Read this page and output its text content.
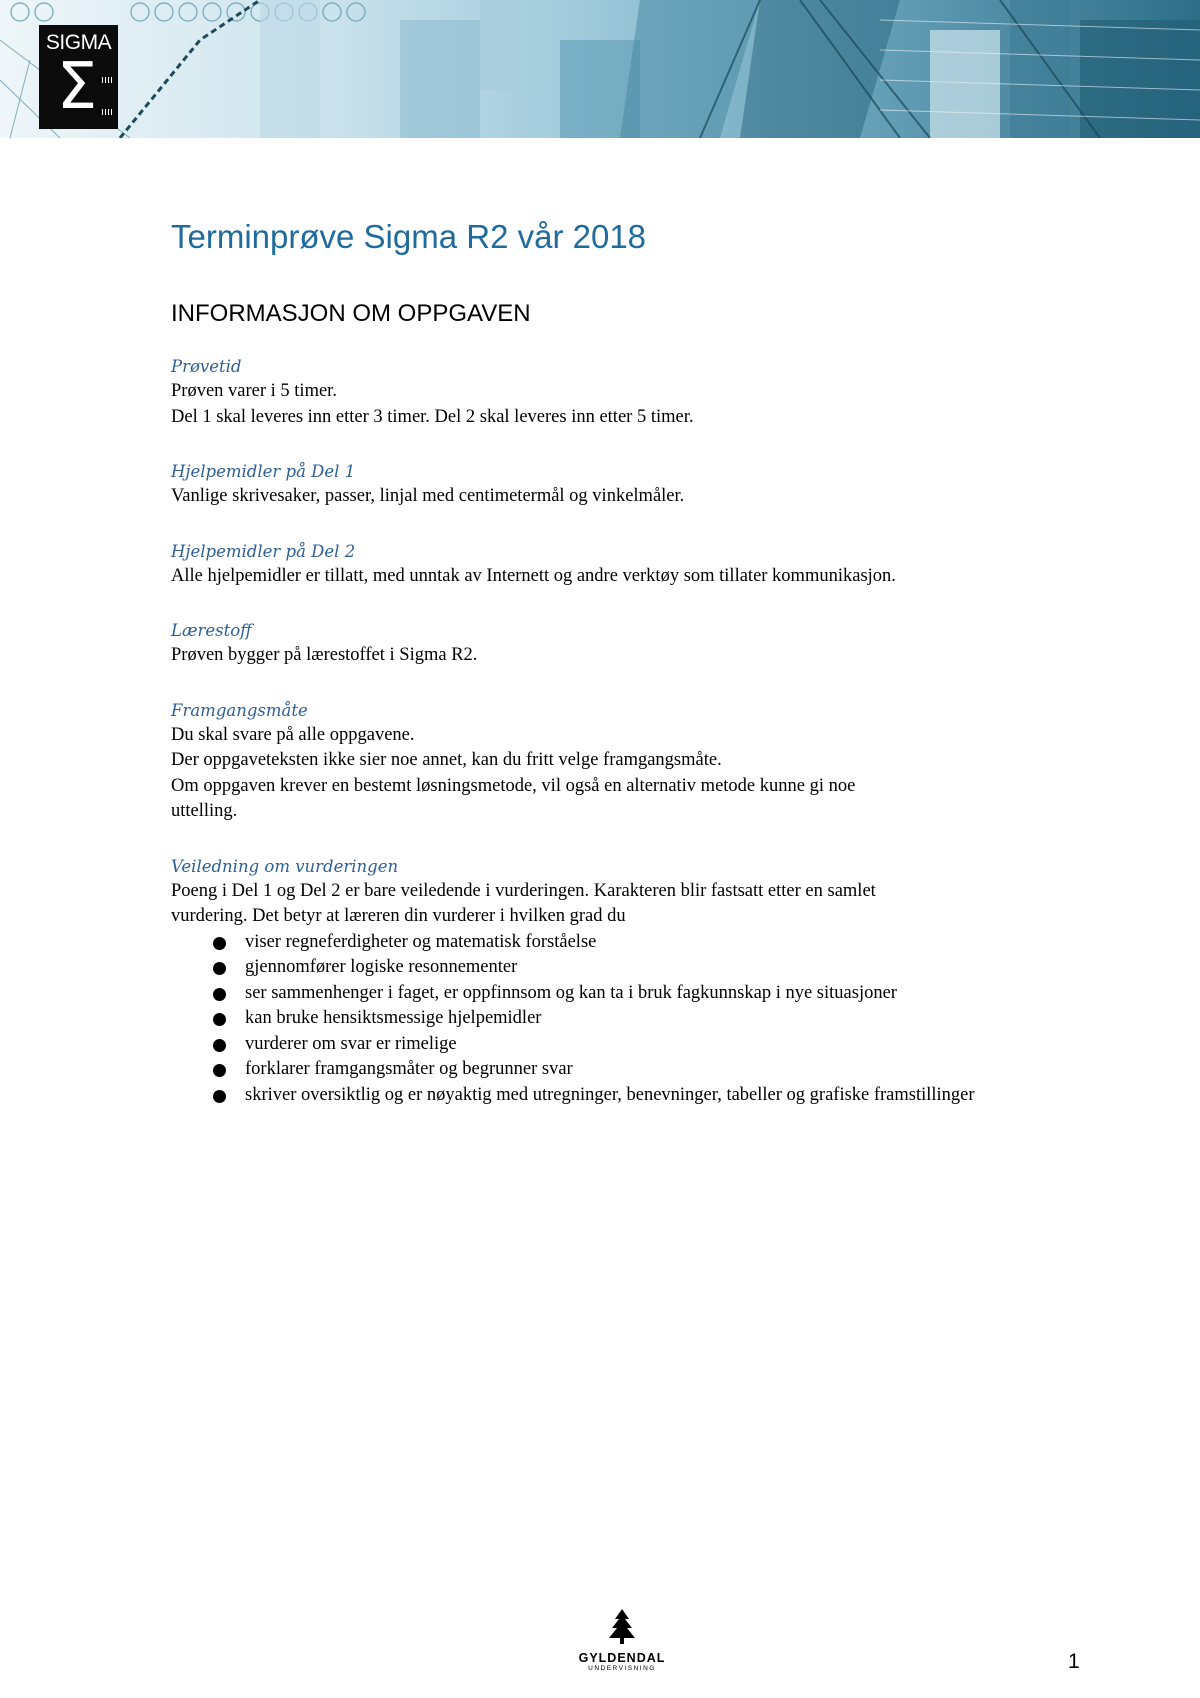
SIGMA
Σ
Terminprøve Sigma R2 vår 2018
INFORMASJON OM OPPGAVEN
Prøvetid
Prøven varer i 5 timer.
Del 1 skal leveres inn etter 3 timer. Del 2 skal leveres inn etter 5 timer.
Hjelpemidler på Del 1
Vanlige skrivesaker, passer, linjal med centimetermål og vinkelmåler.
Hjelpemidler på Del 2
Alle hjelpemidler er tillatt, med unntak av Internett og andre verktøy som tillater kommunikasjon.
Lærestoff
Prøven bygger på lærestoffet i Sigma R2.
Framgangsmåte
Du skal svare på alle oppgavene.
Der oppgaveteksten ikke sier noe annet, kan du fritt velge framgangsmåte.
Om oppgaven krever en bestemt løsningsmetode, vil også en alternativ metode kunne gi noe
uttelling.
Veiledning om vurderingen
Poeng i Del 1 og Del 2 er bare veiledende i vurderingen. Karakteren blir fastsatt etter en samlet
vurdering. Det betyr at læreren din vurderer i hvilken grad du
viser regneferdigheter og matematisk forståelse
gjennomfører logiske resonnementer
ser sammenhenger i faget, er oppfinnsom og kan ta i bruk fagkunnskap i nye situasjoner
kan bruke hensiktsmessige hjelpemidler
vurderer om svar er rimelige
forklarer framgangsmåter og begrunner svar
skriver oversiktlig og er nøyaktig med utregninger, benevninger, tabeller og grafiske framstillinger
GYLDENDAL
UNDERVISNING	1
